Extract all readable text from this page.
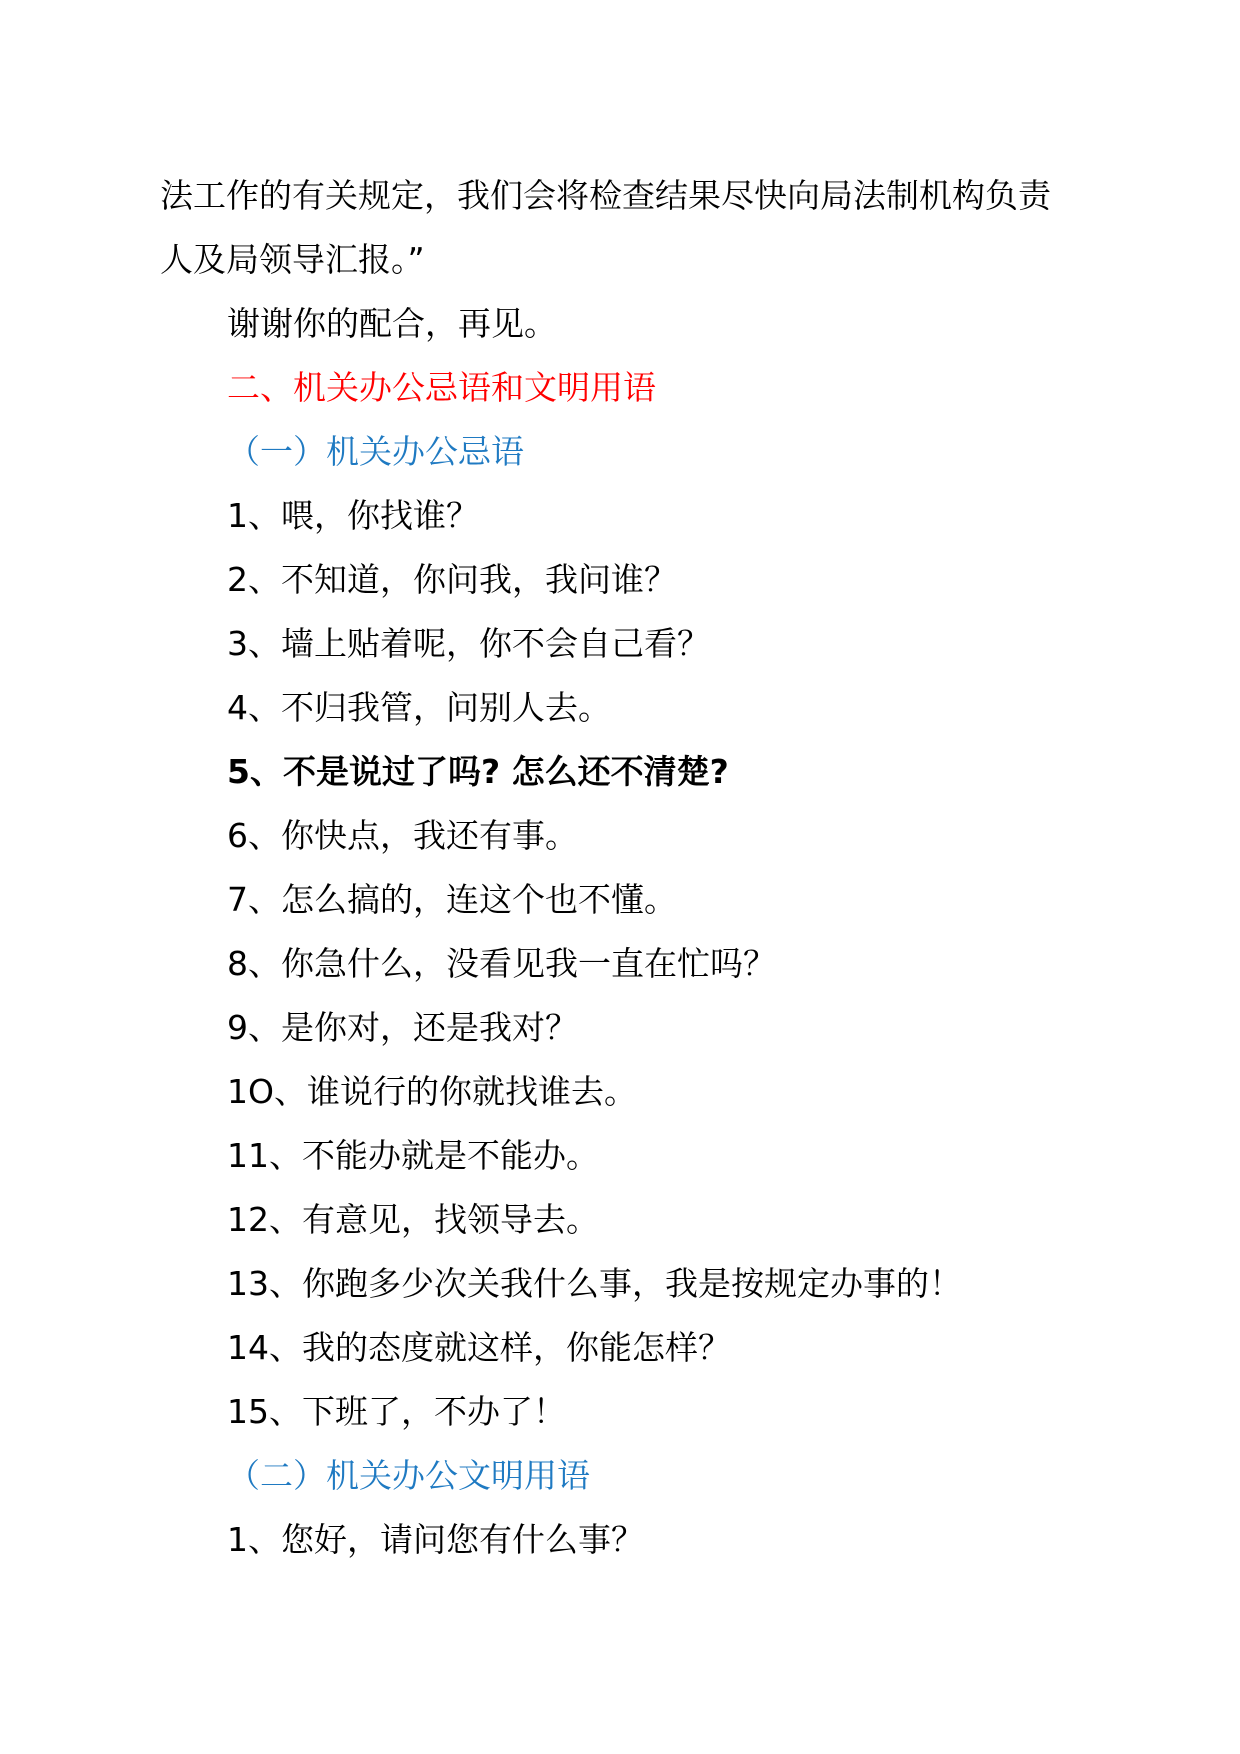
法工作的有关规定，我们会将检查结果尽快向局法制机构负责
人及局领导汇报。”
谢谢你的配合，再见。
二、机关办公忌语和文明用语
（一）机关办公忌语
1、喂，你找谁？
2、不知道，你问我，我问谁？
3、墙上贴着呢，你不会自己看？
4、不归我管，问别人去。
5、不是说过了吗? 怎么还不清楚?
6、你快点，我还有事。
7、怎么搞的，连这个也不懂。
8、你急什么，没看见我一直在忙吗？
9、是你对，还是我对？
1O、谁说行的你就找谁去。
11、不能办就是不能办。
12、有意见，找领导去。
13、你跑多少次关我什么事，我是按规定办事的！
14、我的态度就这样，你能怎样？
15、下班了，不办了！
（二）机关办公文明用语
1、您好，请问您有什么事？
